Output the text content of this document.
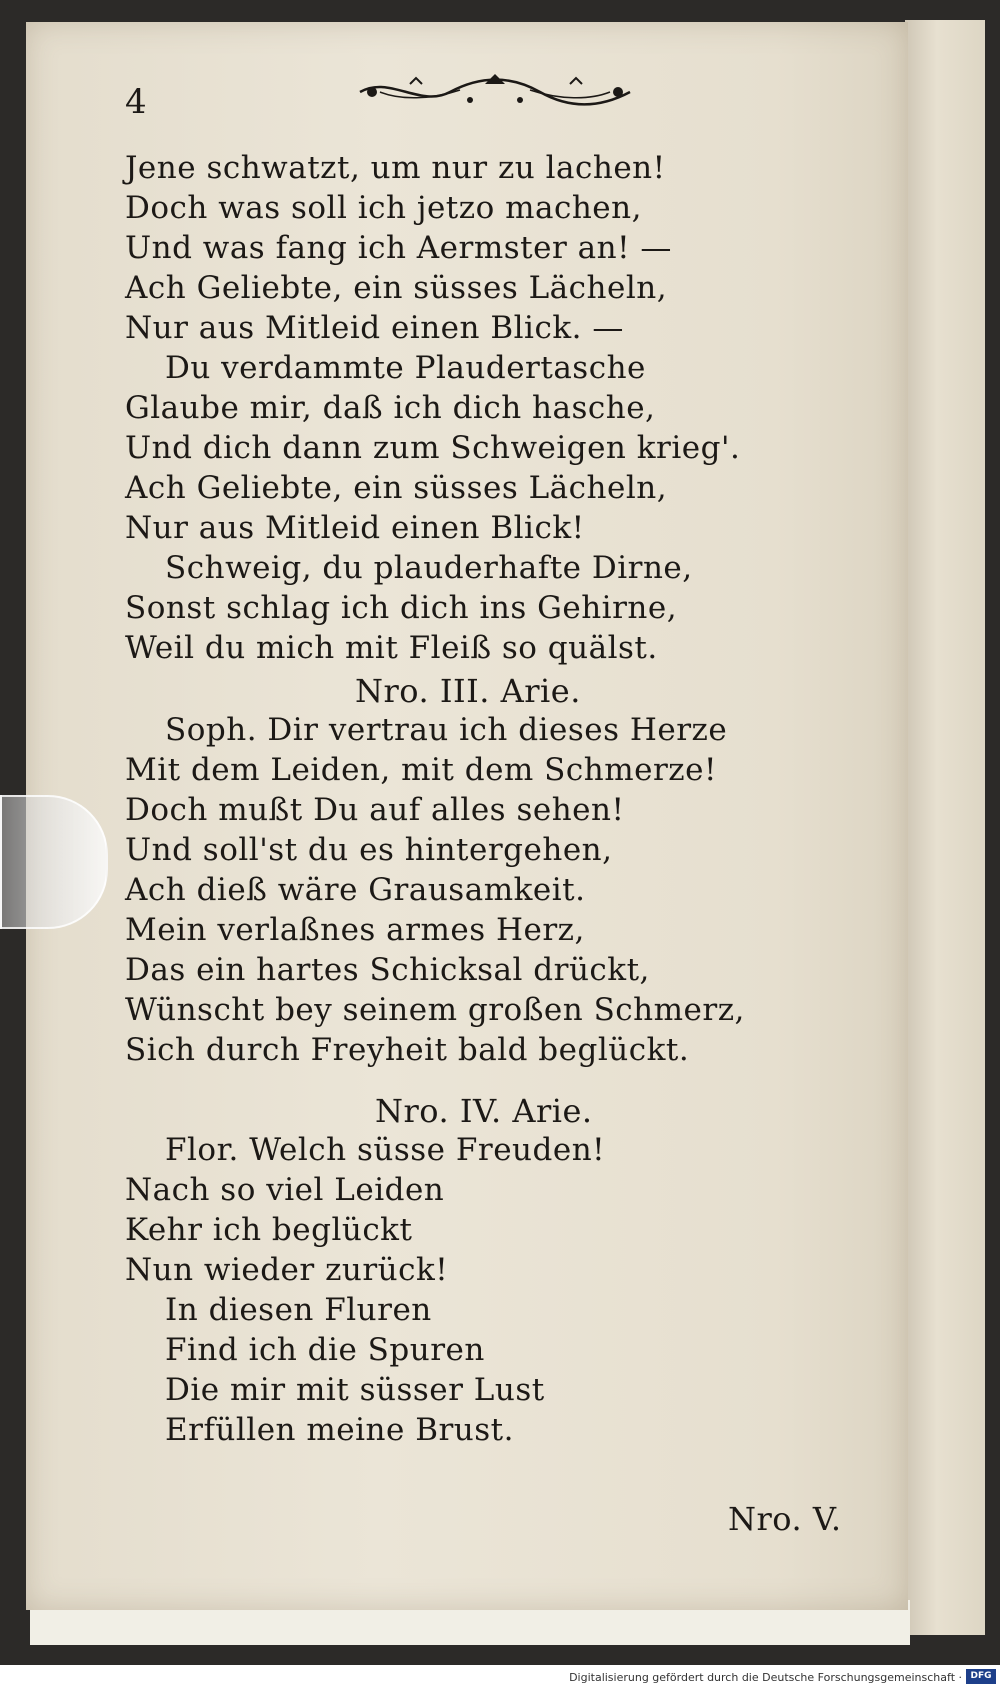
4
Jene schwatzt, um nur zu lachen!
Doch was soll ich jetzo machen,
Und was fang ich Aermster an! —
Ach Geliebte, ein süsses Lächeln,
Nur aus Mitleid einen Blick. —
Du verdammte Plaudertasche
Glaube mir, daß ich dich hasche,
Und dich dann zum Schweigen krieg'.
Ach Geliebte, ein süsses Lächeln,
Nur aus Mitleid einen Blick!
Schweig, du plauderhafte Dirne,
Sonst schlag ich dich ins Gehirne,
Weil du mich mit Fleiß so quälst.
Nro. III. Arie.
Soph. Dir vertrau ich dieses Herze
Mit dem Leiden, mit dem Schmerze!
Doch mußt Du auf alles sehen!
Und soll'st du es hintergehen,
Ach dieß wäre Grausamkeit.
Mein verlaßnes armes Herz,
Das ein hartes Schicksal drückt,
Wünscht bey seinem großen Schmerz,
Sich durch Freyheit bald beglückt.
Nro. IV. Arie.
Flor. Welch süsse Freuden!
Nach so viel Leiden
Kehr ich beglückt
Nun wieder zurück!
In diesen Fluren
Find ich die Spuren
Die mir mit süsser Lust
Erfüllen meine Brust.
Nro. V.
Digitalisierung gefördert durch die Deutsche Forschungsgemeinschaft · DFG
